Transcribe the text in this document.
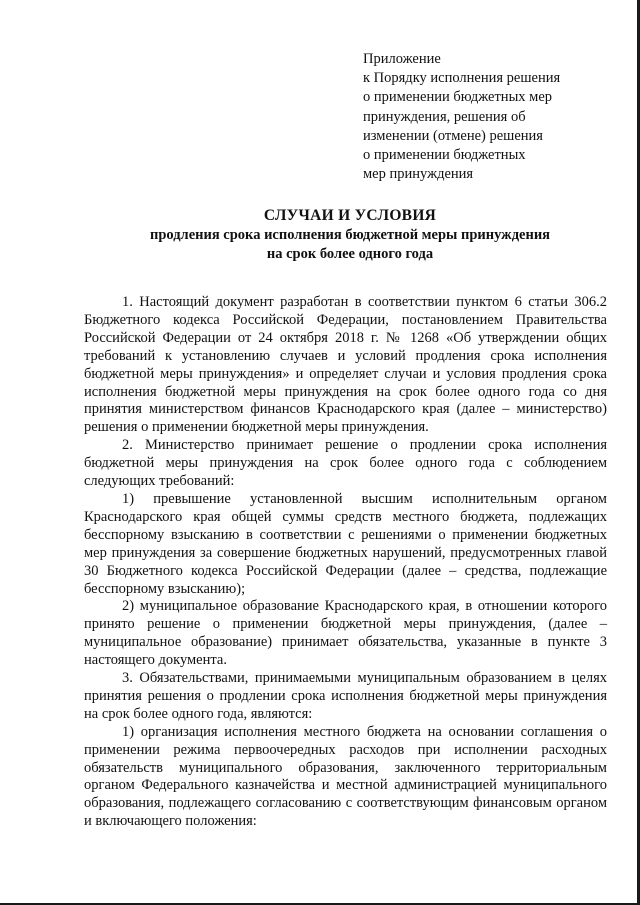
Приложение
к Порядку исполнения решения
о применении бюджетных мер
принуждения, решения об
изменении (отмене) решения
о применении бюджетных
мер принуждения
СЛУЧАИ И УСЛОВИЯ
продления срока исполнения бюджетной меры принуждения
на срок более одного года

1. Настоящий документ разработан в соответствии пунктом 6 статьи 306.2 Бюджетного кодекса Российской Федерации, постановлением Правительства Российской Федерации от 24 октября 2018 г. № 1268 «Об утверждении общих требований к установлению случаев и условий продления срока исполнения бюджетной меры принуждения» и определяет случаи и условия продления срока исполнения бюджетной меры принуждения на срок более одного года со дня принятия министерством финансов Краснодарского края (далее – министерство) решения о применении бюджетной меры принуждения.

2. Министерство принимает решение о продлении срока исполнения бюджетной меры принуждения на срок более одного года с соблюдением следующих требований:

1) превышение установленной высшим исполнительным органом Краснодарского края общей суммы средств местного бюджета, подлежащих бесспорному взысканию в соответствии с решениями о применении бюджетных мер принуждения за совершение бюджетных нарушений, предусмотренных главой 30 Бюджетного кодекса Российской Федерации (далее – средства, подлежащие бесспорному взысканию);

2) муниципальное образование Краснодарского края, в отношении которого принято решение о применении бюджетной меры принуждения, (далее – муниципальное образование) принимает обязательства, указанные в пункте 3 настоящего документа.

3. Обязательствами, принимаемыми муниципальным образованием в целях принятия решения о продлении срока исполнения бюджетной меры принуждения на срок более одного года, являются:

1) организация исполнения местного бюджета на основании соглашения о применении режима первоочередных расходов при исполнении расходных обязательств муниципального образования, заключенного территориальным органом Федерального казначейства и местной администрацией муниципального образования, подлежащего согласованию с соответствующим финансовым органом и включающего положения:
